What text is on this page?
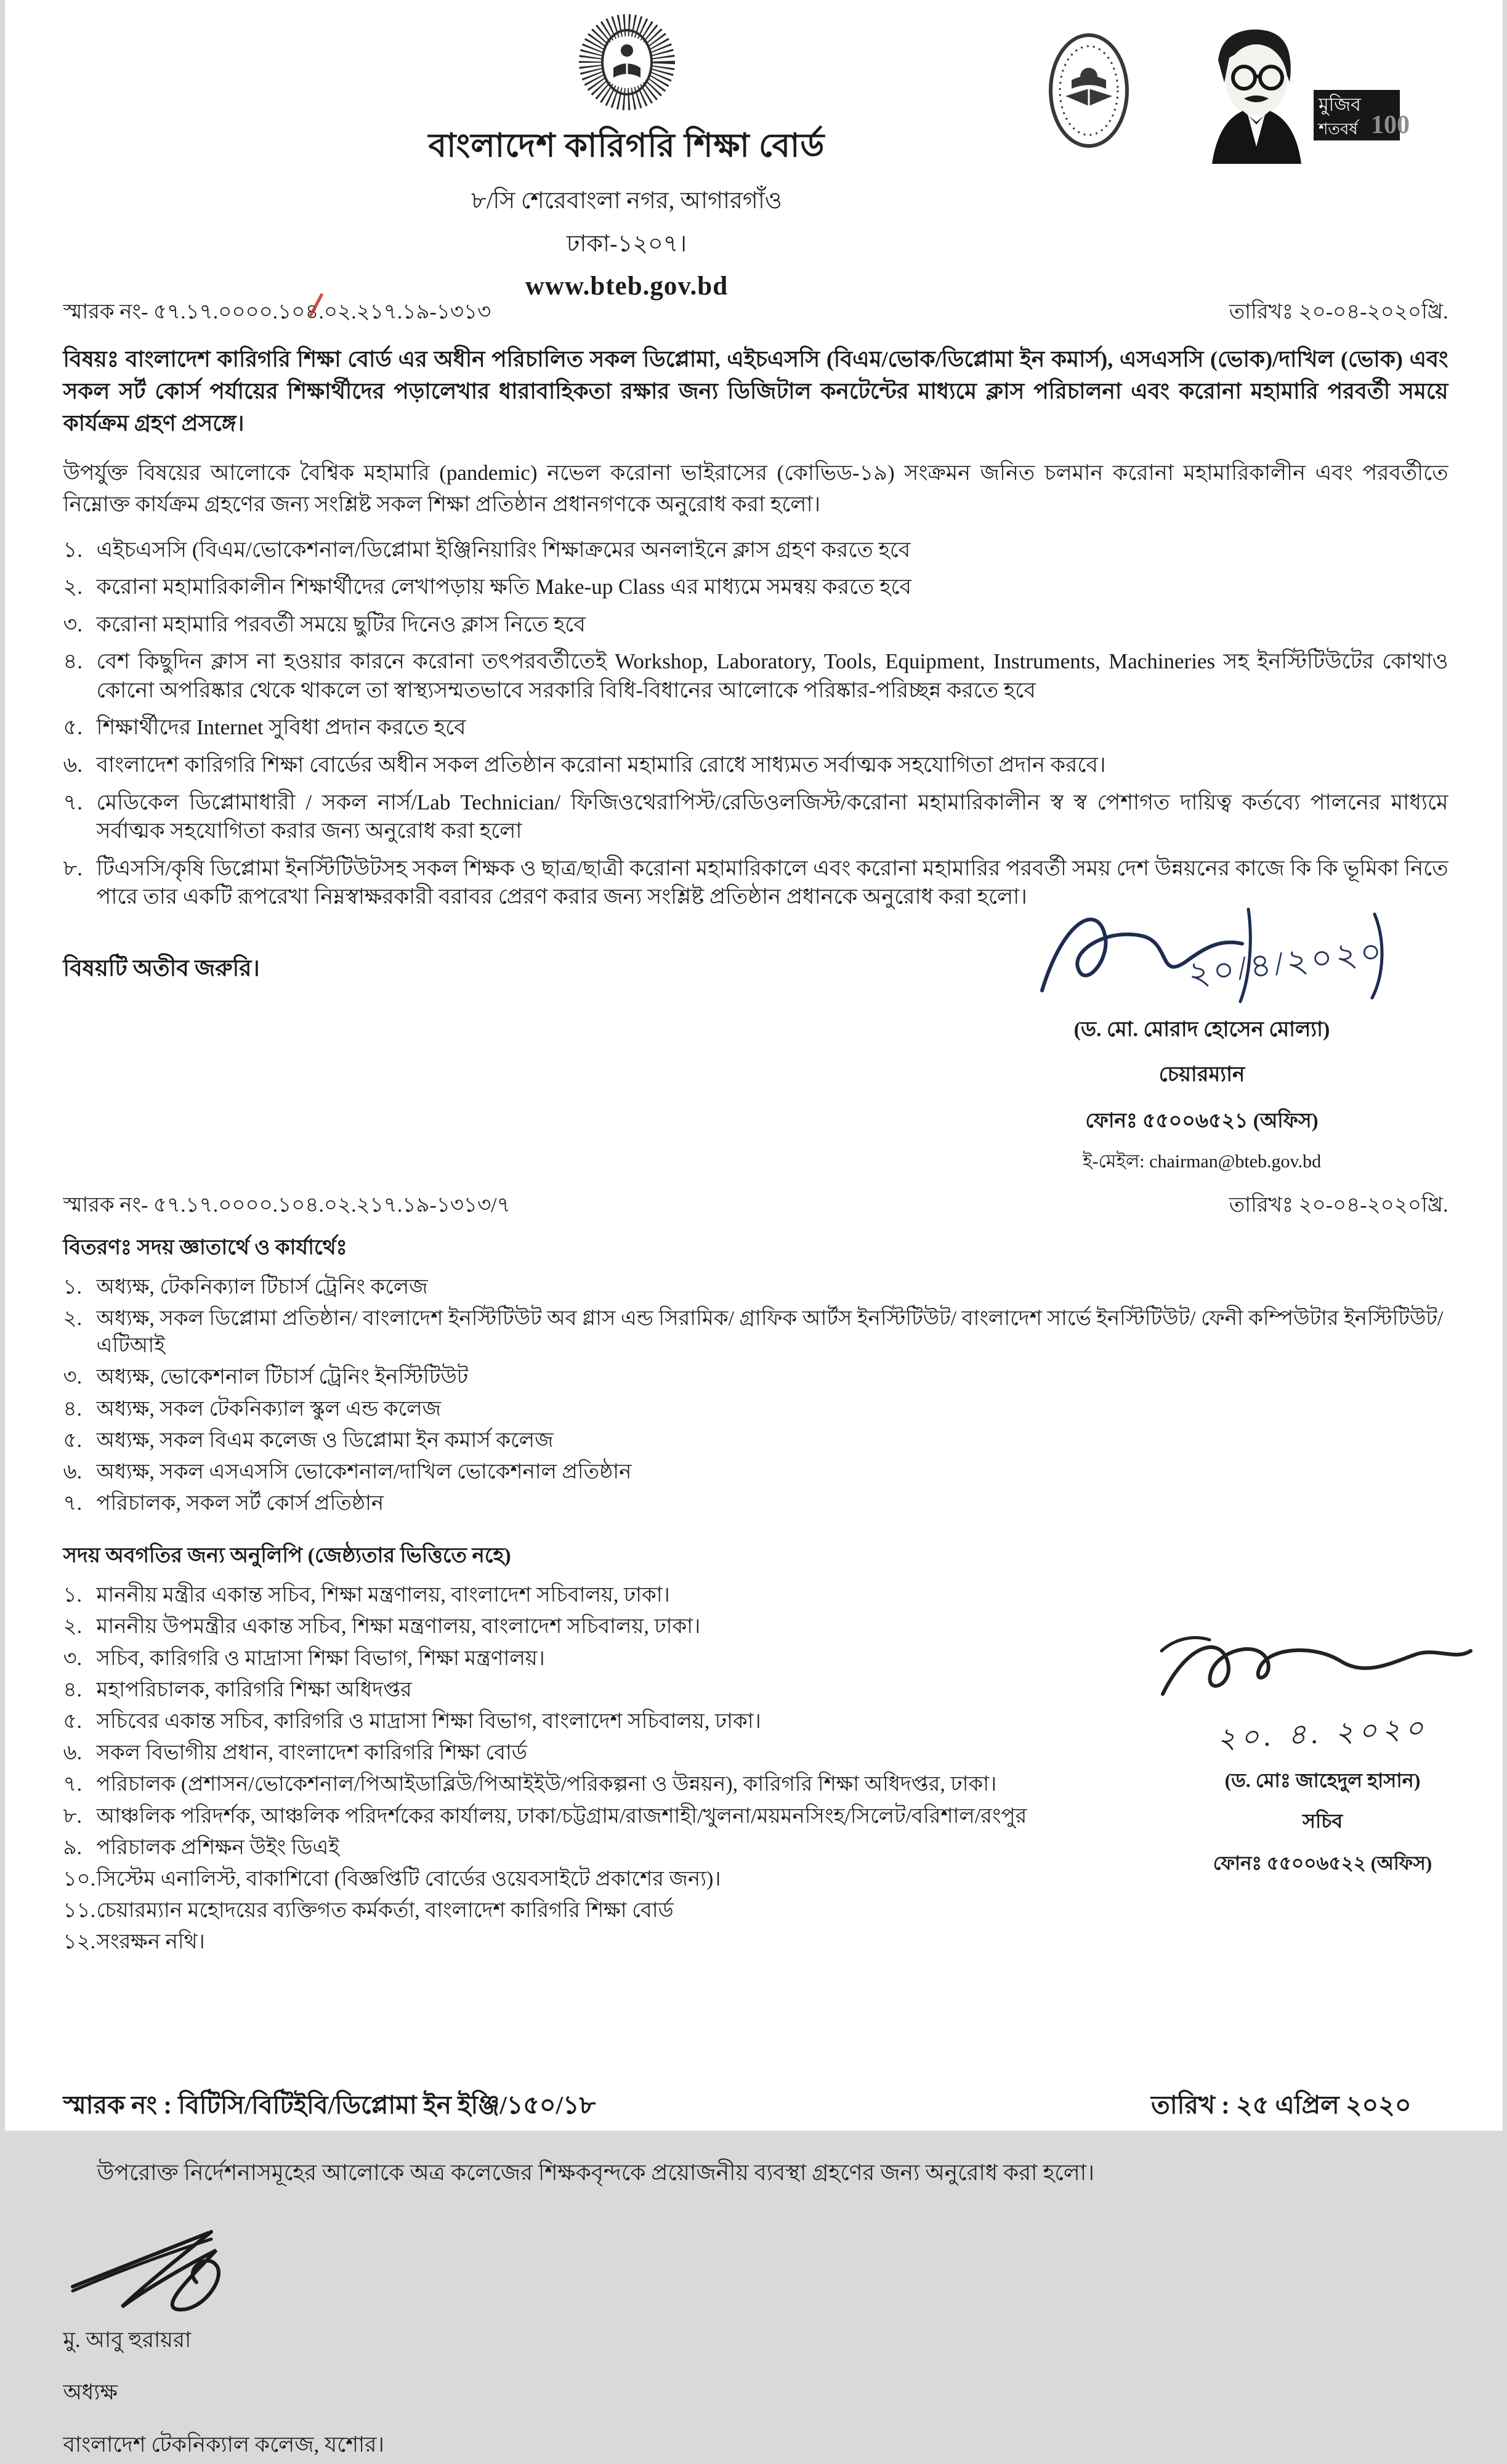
বাংলাদেশ কারিগরি শিক্ষা বোর্ড
৮/সি শেরেবাংলা নগর, আগারগাঁও
ঢাকা-১২০৭।
www.bteb.gov.bd
মুজিব
শতবর্ষ 100
স্মারক নং- ৫৭.১৭.০০০০.১০৪.০২.২১৭.১৯-১৩১৩	তারিখঃ ২০-০৪-২০২০খ্রি.
বিষয়ঃ বাংলাদেশ কারিগরি শিক্ষা বোর্ড এর অধীন পরিচালিত সকল ডিপ্লোমা, এইচএসসি (বিএম/ভোক/ডিপ্লোমা ইন কমার্স), এসএসসি (ভোক)/দাখিল (ভোক) এবং সকল সর্ট কোর্স পর্যায়ের শিক্ষার্থীদের পড়ালেখার ধারাবাহিকতা রক্ষার জন্য ডিজিটাল কনটেন্টের মাধ্যমে ক্লাস পরিচালনা এবং করোনা মহামারি পরবর্তী সময়ে কার্যক্রম গ্রহণ প্রসঙ্গে।
উপর্যুক্ত বিষয়ের আলোকে বৈশ্বিক মহামারি (pandemic) নভেল করোনা ভাইরাসের (কোভিড-১৯) সংক্রমন জনিত চলমান করোনা মহামারিকালীন এবং পরবর্তীতে নিম্নোক্ত কার্যক্রম গ্রহণের জন্য সংশ্লিষ্ট সকল শিক্ষা প্রতিষ্ঠান প্রধানগণকে অনুরোধ করা হলো।
১. এইচএসসি (বিএম/ভোকেশনাল/ডিপ্লোমা ইঞ্জিনিয়ারিং শিক্ষাক্রমের অনলাইনে ক্লাস গ্রহণ করতে হবে
২. করোনা মহামারিকালীন শিক্ষার্থীদের লেখাপড়ায় ক্ষতি Make-up Class এর মাধ্যমে সমন্বয় করতে হবে
৩. করোনা মহামারি পরবর্তী সময়ে ছুটির দিনেও ক্লাস নিতে হবে
৪. বেশ কিছুদিন ক্লাস না হওয়ার কারনে করোনা তৎপরবর্তীতেই Workshop, Laboratory, Tools, Equipment, Instruments, Machineries সহ ইনস্টিটিউটের কোথাও কোনো অপরিষ্কার থেকে থাকলে তা স্বাস্থ্যসম্মতভাবে সরকারি বিধি-বিধানের আলোকে পরিষ্কার-পরিচ্ছন্ন করতে হবে
৫. শিক্ষার্থীদের Internet সুবিধা প্রদান করতে হবে
৬. বাংলাদেশ কারিগরি শিক্ষা বোর্ডের অধীন সকল প্রতিষ্ঠান করোনা মহামারি রোধে সাধ্যমত সর্বাত্মক সহযোগিতা প্রদান করবে।
৭. মেডিকেল ডিপ্লোমাধারী / সকল নার্স/Lab Technician/ ফিজিওথেরাপিস্ট/রেডিওলজিস্ট/করোনা মহামারিকালীন স্ব স্ব পেশাগত দায়িত্ব কর্তব্যে পালনের মাধ্যমে সর্বাত্মক সহযোগিতা করার জন্য অনুরোধ করা হলো
৮. টিএসসি/কৃষি ডিপ্লোমা ইনস্টিটিউটসহ সকল শিক্ষক ও ছাত্র/ছাত্রী করোনা মহামারিকালে এবং করোনা মহামারির পরবর্তী সময় দেশ উন্নয়নের কাজে কি কি ভূমিকা নিতে পারে তার একটি রূপরেখা নিম্নস্বাক্ষরকারী বরাবর প্রেরণ করার জন্য সংশ্লিষ্ট প্রতিষ্ঠান প্রধানকে অনুরোধ করা হলো।
বিষয়টি অতীব জরুরি।	২০/৪/২০২০
(ড. মো. মোরাদ হোসেন মোল্যা)
চেয়ারম্যান
ফোনঃ ৫৫০০৬৫২১ (অফিস)
ই-মেইল: chairman@bteb.gov.bd
স্মারক নং- ৫৭.১৭.০০০০.১০৪.০২.২১৭.১৯-১৩১৩/৭	তারিখঃ ২০-০৪-২০২০খ্রি.
বিতরণঃ সদয় জ্ঞাতার্থে ও কার্যার্থেঃ
১. অধ্যক্ষ, টেকনিক্যাল টিচার্স ট্রেনিং কলেজ
২. অধ্যক্ষ, সকল ডিপ্লোমা প্রতিষ্ঠান/ বাংলাদেশ ইনস্টিটিউট অব গ্লাস এন্ড সিরামিক/ গ্রাফিক আর্টস ইনস্টিটিউট/ বাংলাদেশ সার্ভে ইনস্টিটিউট/ ফেনী কম্পিউটার ইনস্টিটিউট/ এটিআই
৩. অধ্যক্ষ, ভোকেশনাল টিচার্স ট্রেনিং ইনস্টিটিউট
৪. অধ্যক্ষ, সকল টেকনিক্যাল স্কুল এন্ড কলেজ
৫. অধ্যক্ষ, সকল বিএম কলেজ ও ডিপ্লোমা ইন কমার্স কলেজ
৬. অধ্যক্ষ, সকল এসএসসি ভোকেশনাল/দাখিল ভোকেশনাল প্রতিষ্ঠান
৭. পরিচালক, সকল সর্ট কোর্স প্রতিষ্ঠান
সদয় অবগতির জন্য অনুলিপি (জেষ্ঠ্যতার ভিত্তিতে নহে)
১. মাননীয় মন্ত্রীর একান্ত সচিব, শিক্ষা মন্ত্রণালয়, বাংলাদেশ সচিবালয়, ঢাকা।
২. মাননীয় উপমন্ত্রীর একান্ত সচিব, শিক্ষা মন্ত্রণালয়, বাংলাদেশ সচিবালয়, ঢাকা।
৩. সচিব, কারিগরি ও মাদ্রাসা শিক্ষা বিভাগ, শিক্ষা মন্ত্রণালয়।
৪. মহাপরিচালক, কারিগরি শিক্ষা অধিদপ্তর
৫. সচিবের একান্ত সচিব, কারিগরি ও মাদ্রাসা শিক্ষা বিভাগ, বাংলাদেশ সচিবালয়, ঢাকা।
৬. সকল বিভাগীয় প্রধান, বাংলাদেশ কারিগরি শিক্ষা বোর্ড
৭. পরিচালক (প্রশাসন/ভোকেশনাল/পিআইডাব্লিউ/পিআইইউ/পরিকল্পনা ও উন্নয়ন), কারিগরি শিক্ষা অধিদপ্তর, ঢাকা।
৮. আঞ্চলিক পরিদর্শক, আঞ্চলিক পরিদর্শকের কার্যালয়, ঢাকা/চট্টগ্রাম/রাজশাহী/খুলনা/ময়মনসিংহ/সিলেট/বরিশাল/রংপুর
৯. পরিচালক প্রশিক্ষন উইং ডিএই
১০. সিস্টেম এনালিস্ট, বাকাশিবো (বিজ্ঞপ্তিটি বোর্ডের ওয়েবসাইটে প্রকাশের জন্য)।
১১. চেয়ারম্যান মহোদয়ের ব্যক্তিগত কর্মকর্তা, বাংলাদেশ কারিগরি শিক্ষা বোর্ড
১২. সংরক্ষন নথি।
স্মারক নং : বিটিসি/বিটিইবি/ডিপ্লোমা ইন ইঞ্জি/১৫০/১৮	তারিখ : ২৫ এপ্রিল ২০২০
উপরোক্ত নির্দেশনাসমূহের আলোকে অত্র কলেজের শিক্ষকবৃন্দকে প্রয়োজনীয় ব্যবস্থা গ্রহণের জন্য অনুরোধ করা হলো।
মু. আবু হুরায়রা
অধ্যক্ষ
বাংলাদেশ টেকনিক্যাল কলেজ, যশোর।
২০. ৪. ২০২০
(ড. মোঃ জাহেদুল হাসান)
সচিব
ফোনঃ ৫৫০০৬৫২২ (অফিস)
